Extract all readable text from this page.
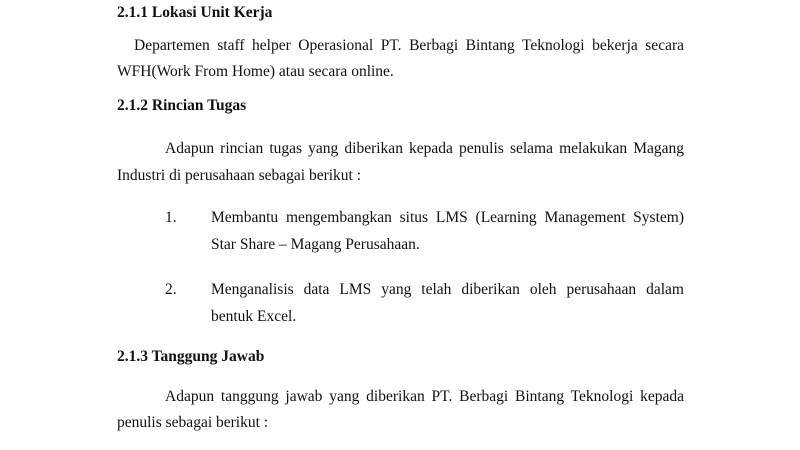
2.1.1 Lokasi Unit Kerja
Departemen staff helper Operasional PT. Berbagi Bintang Teknologi bekerja secara
WFH(Work From Home) atau secara online.
2.1.2 Rincian Tugas
Adapun rincian tugas yang diberikan kepada penulis selama melakukan Magang
Industri di perusahaan sebagai berikut :
1. Membantu mengembangkan situs LMS (Learning Management System)
Star Share – Magang Perusahaan.
2. Menganalisis data LMS yang telah diberikan oleh perusahaan dalam
bentuk Excel.
2.1.3 Tanggung Jawab
Adapun tanggung jawab yang diberikan PT. Berbagi Bintang Teknologi kepada
penulis sebagai berikut :
